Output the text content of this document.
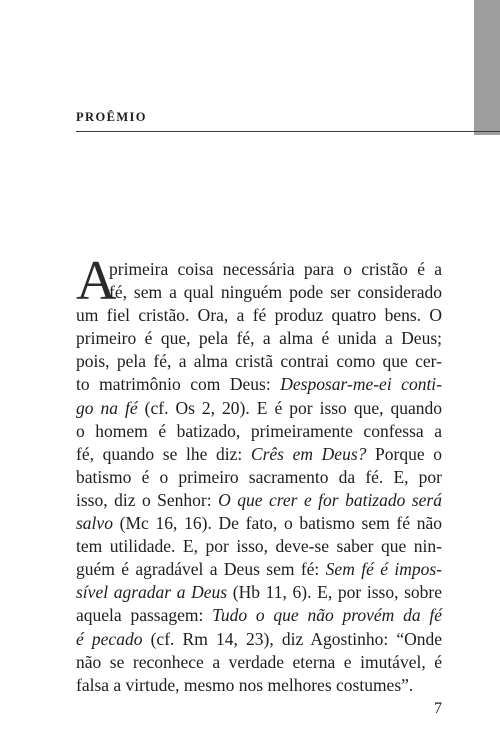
PROÊMIO
A
primeira coisa necessária para o cristão é a
fé, sem a qual ninguém pode ser considerado
um fiel cristão. Ora, a fé produz quatro bens. O
primeiro é que, pela fé, a alma é unida a Deus;
pois, pela fé, a alma cristã contrai como que cer-
to matrimônio com Deus: Desposar-me-ei conti-
go na fé (cf. Os 2, 20). E é por isso que, quando
o homem é batizado, primeiramente confessa a
fé, quando se lhe diz: Crês em Deus? Porque o
batismo é o primeiro sacramento da fé. E, por
isso, diz o Senhor: O que crer e for batizado será
salvo (Mc 16, 16). De fato, o batismo sem fé não
tem utilidade. E, por isso, deve-se saber que nin-
guém é agradável a Deus sem fé: Sem fé é impos-
sível agradar a Deus (Hb 11, 6). E, por isso, sobre
aquela passagem: Tudo o que não provém da fé
é pecado (cf. Rm 14, 23), diz Agostinho: “Onde
não se reconhece a verdade eterna e imutável, é
falsa a virtude, mesmo nos melhores costumes”.
7
